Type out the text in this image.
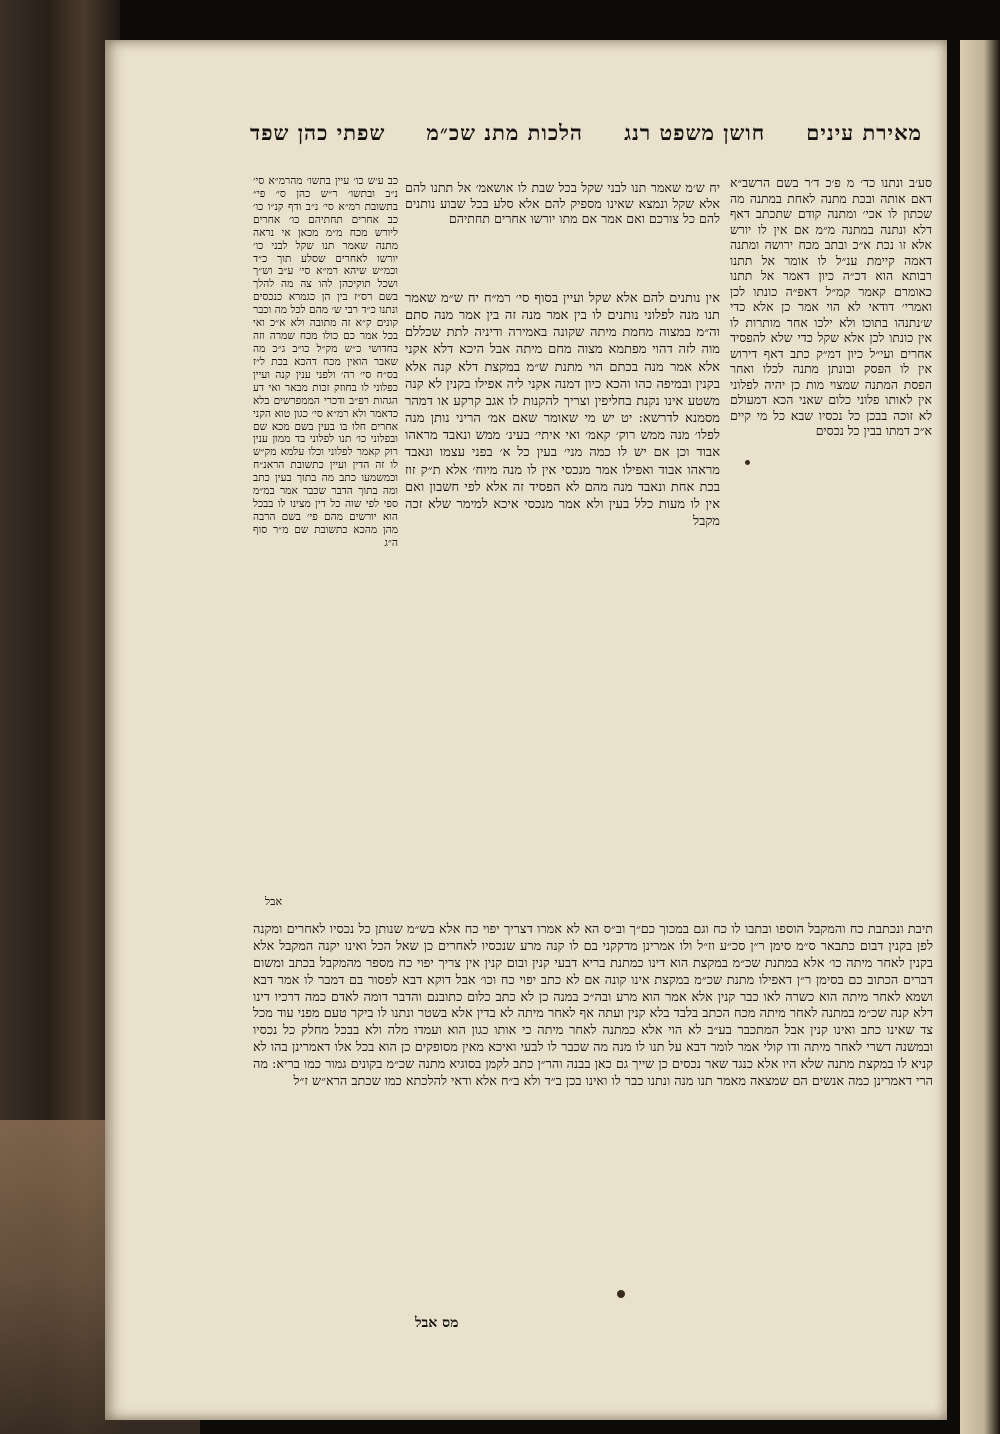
מאירת עינים
חושן משפט רנג
הלכות מתנ שכ״מ
שפתי כהן שפד
סע׳ב ונתנו כד׳ מ פ׳כ ד׳ר בשם הרשב״א דאם אותה ובכת מתנה לאחת במתנה מה שכתון לו אכי׳ ומתנה קודם שתכתב דאף דלא ונתנה במתנה מ״מ אם אין לו יורש אלא זו נכת א״כ ובתב מכח ירושה ומתנה דאמה קיימת ענ״ל לו אומר אל תתנו רבותא הוא דכ״ה כיון דאמר אל תתנו כאומרם קאמר קמ״ל דאפ״ה כונתו לכן ואמרי׳ דודאי לא הוי אמר כן אלא כדי ש׳נתנהו בתוכו ולא ילכו אחר מותרות לו אין כונתו לכן אלא שקל כדי שלא להפסיד אחרים ועי״ל כיון דמ״ק כתב דאף דירוש אין לו הפסק ובונתן מתנה לכלו ואחר הפסת המתנה שמצוי מות כן יהיה לפלוני אין לאותו פלוני כלום שאני הכא דמעולם לא זוכה בבכן כל נכסיו שבא כל מי קיים א״כ דמתו בבין כל נכסים
יח ש׳מ שאמר תנו לבני שקל בכל שבת לו אושאמ׳ אל תתנו להם אלא שקל ונמצא שאינו מספיק להם אלא סלע בכל שבוע נותנים להם כל צורכם ואם אמר אם מתו יורשו אחרים תחתיהם
אין נותנים להם אלא שקל ועיין בסוף סי׳ רמ״ח יח ש״מ שאמר תנו מנה לפלוני נותנים לו בין אמר מנה זה בין אמר מנה סתם וה״מ במצוה מחמת מיתה שקונה באמירה ודיניה לתת שכללם מוה לזה דהוי מפתמא מצוה מחם מיתה אבל היכא דלא אקני אלא אמר מנה בכתם הוי מתנת ש״מ במקצת דלא קנה אלא בקנין ובמיפה כהו והכא כיון דמנה אקני ליה אפילו בקנין לא קנה משטע אינו נקנת בחליפין וצריך להקנות לו אגב קרקע או דמהר מסמנא לדרשא: יט יש מי שאומר שאם אמ׳ הריני נותן מנה לפלו׳ מנה ממש רוק׳ קאמ׳ ואי איתי׳ בעינ׳ ממש ונאבד מראהו אבוד וכן אם יש לו כמה מני׳ בעין כל א׳ בפני עצמו ונאבד מראהו אבוד ואפילו אמר מנכסי אין לו מנה מיוח׳ אלא ת״ק זוז בכת אחת ונאבד מנה מהם לא הפסיד זה אלא לפי חשבון ואם אין לו מעות כלל בעין ולא אמר מנכסי איכא למימר שלא זכה מקבל
כב ע׳ש כו׳ עיין בתשו׳ מהרמ״א סי׳ נ״ב ובתשו׳ ר״ש כהן ס״ פי״ בתשובת רמ״א סי׳ נ״ב ודף קנ״ו כו׳ כב אחרים תחתיהם כו׳ אחרים ליורש מכח מ״מ מכאן אי נראה מתנה שאמר תנו שקל לבני כו׳ יורשו לאחרים שסלע תוך כ״ד וכמ״ש שיהא רמ״א סי׳ ע״ב וש״ך ושכל תוקיכהן להו צה מה להלך בשם רס״ז בין הן כגמרא כנכסים ונתנו כ״ד רבי ש׳ מהם לכל מה וכבר קונים ק״א זה מתובה ולא א״כ ואי בכל אמר כם כולו מכח שמרה וזה בחדושי כ״ש מק״ל כו״ב ג״כ מה שאבר הואין מכח דהכא בכת ל״ז בס״ח סי׳ רה׳ ולפני ענין קנה ועיין כפלוני לו בחוזק זכות מבאר ואי דע הגהות רפ״ב ודכרי הממפרשים בלא כדאמר ולא רמ״א סי׳ כגון טוא הקני אחרים חלו בו בעין בשם מכא שם ובפלוני כו׳ תנו לפלוני בד ממון ענין רוק קאמר לפלוני וכלו עלמא מק״ש לו זה הדין ועיין כתשובת הראנ״ח וכמשמעו כתב מה בתוך בעין כתב ומה בתוך הדבר שכבר אמר במ״מ ספי לפי שוה כל דין מצינו לו בבכל הוא יורשים מהם פי׳ בשם הרבה מהן מהכא כתשובת שם מ״ר סוף ה״ג
תיבת ונכתבת כח והמקבל הוספו ובתבו לו כח וגם במכוך כם״ך וב״ס הא לא אמרו דצריך יפוי כח אלא בש״מ שנותן כל נכסיו לאחרים ומקנה לפן בקנין דבום כתבאר ס״מ סימן ר״ן סכ״ע וז״ל ולו אמרינן מדקקני בם לו קנה מרע שנכסיו לאחרים כן שאל הכל ואינו יקנה המקבל אלא בקנין לאחר מיתה כו׳ אלא במתנת שכ״מ במקצת הוא דינו כמתנת בריא דבעי קנין ובום קנין אין צריך יפוי כח מספר מהמקבל בכתב ומשום דברים הכתוב כם בסימן ר״ן דאפילו מתנת שכ״מ במקצת אינו קונה אם לא כתב יפוי כח וכו׳ אבל דוקא דבא לפסור בם דמבר לו אמר דבא ושמא לאחר מיתה הוא כשרה לאו כבר קנין אלא אמר הוא מרע ובה״כ במנה כן לא כתב כלום כתובנם והדבר דומה לאדם כמה דרכיו דינו דלא קנה שכ״מ במתנה לאחר מיתה מכח הכתב בלבד בלא קנין ועתה אף לאחר מיתה לא בדין אלא בשטר ונתנו לו ביקר טעם מפני עוד מכל צד שאינו כתב ואינו קנין אבל המתכבר בע״ב לא הוי אלא כמתנה לאחר מיתה כי אותו כגון הוא ועמדו מלה ולא בבכל מחלק כל נכסיו ובמשנה דשרי לאחר מיתה ודו קולי אמר לומר דבא על תנו לו מנה מה שכבר לו לבעי ואיכא מאין מסופקים כן הוא בכל אלו דאמרינן בהו לא קניא לו במקצת מתנה שלא היו אלא כנגד שאר נכסים כן שייך גם כאן בבנה והר״ן כתב לקמן בסוגיא מתנה שכ״מ בקונים גמור כמו בריא: מה הרי דאמרינן כמה אנשים הם שמצאה מאמר תנו מנה ונתנו כבר לו ואינו בכן ב״ד ולא ב״ח אלא ודאי להלכתא כמו שכתב הרא״ש ז״ל
אבל
מס אבל
